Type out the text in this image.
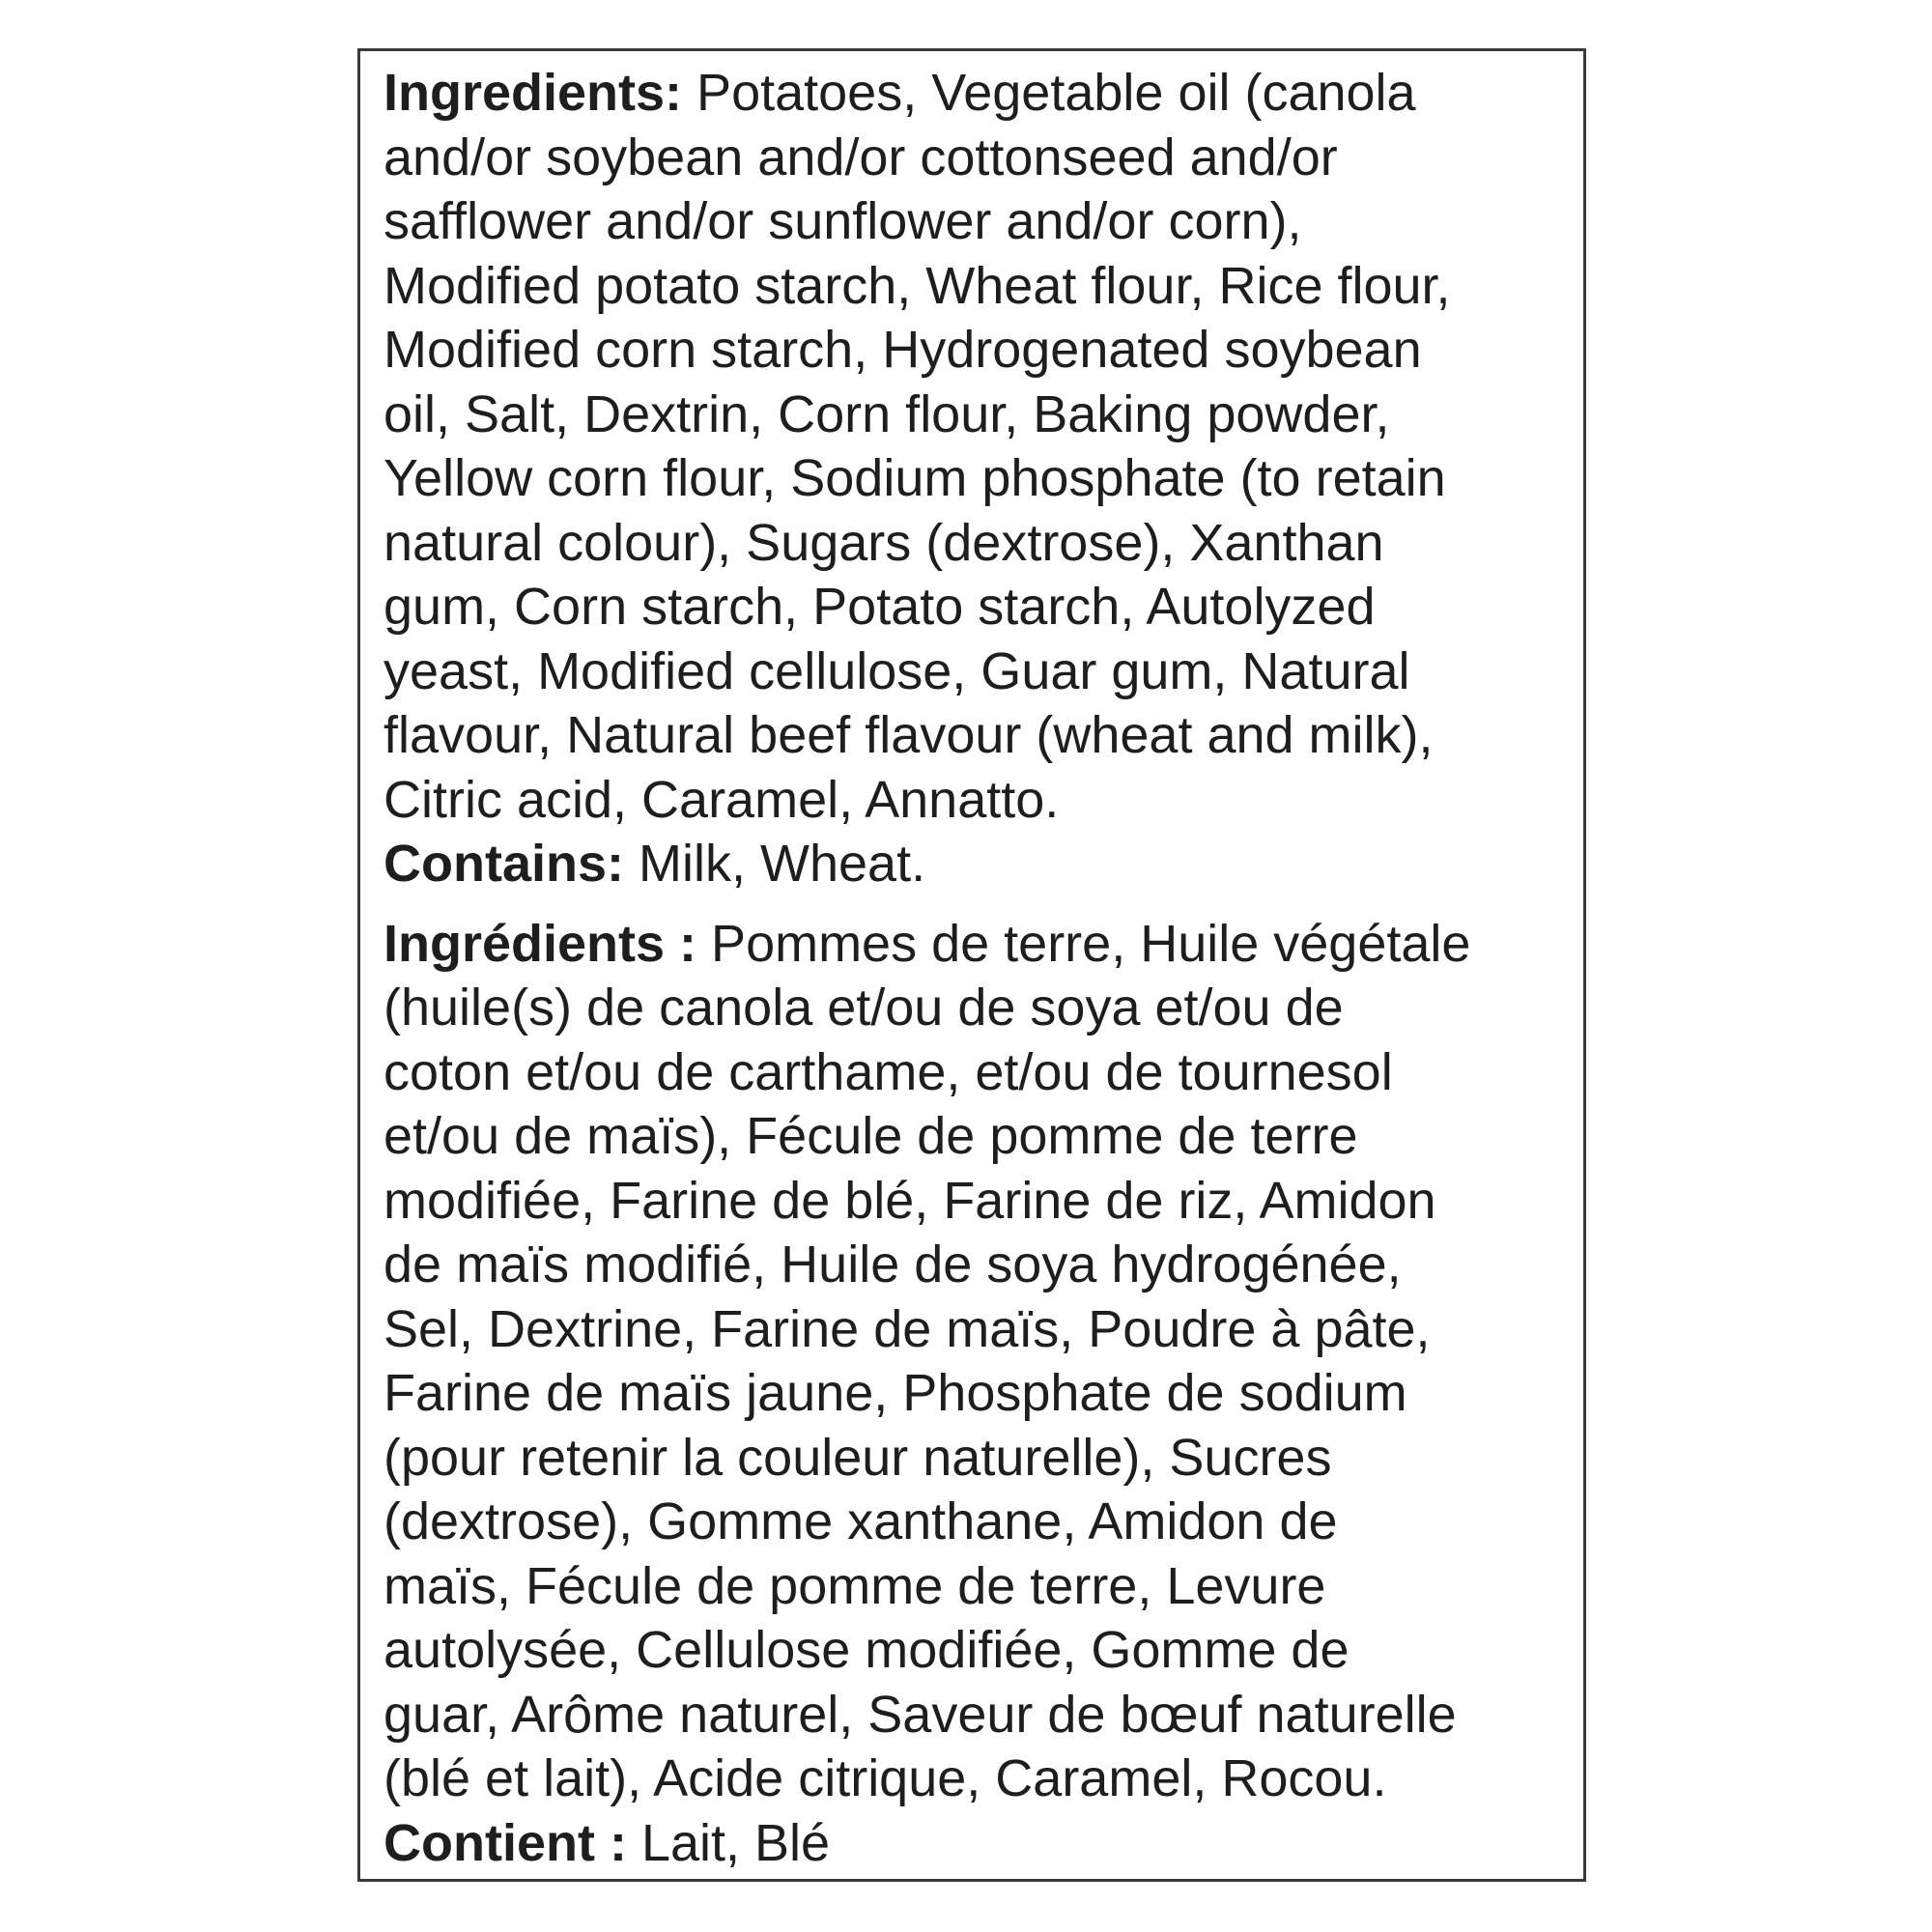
Ingredients: Potatoes, Vegetable oil (canola
and/or soybean and/or cottonseed and/or
safflower and/or sunflower and/or corn),
Modified potato starch, Wheat flour, Rice flour,
Modified corn starch, Hydrogenated soybean
oil, Salt, Dextrin, Corn flour, Baking powder,
Yellow corn flour, Sodium phosphate (to retain
natural colour), Sugars (dextrose), Xanthan
gum, Corn starch, Potato starch, Autolyzed
yeast, Modified cellulose, Guar gum, Natural
flavour, Natural beef flavour (wheat and milk),
Citric acid, Caramel, Annatto.
Contains: Milk, Wheat.
Ingrédients : Pommes de terre, Huile végétale
(huile(s) de canola et/ou de soya et/ou de
coton et/ou de carthame, et/ou de tournesol
et/ou de maïs), Fécule de pomme de terre
modifiée, Farine de blé, Farine de riz, Amidon
de maïs modifié, Huile de soya hydrogénée,
Sel, Dextrine, Farine de maïs, Poudre à pâte,
Farine de maïs jaune, Phosphate de sodium
(pour retenir la couleur naturelle), Sucres
(dextrose), Gomme xanthane, Amidon de
maïs, Fécule de pomme de terre, Levure
autolysée, Cellulose modifiée, Gomme de
guar, Arôme naturel, Saveur de bœuf naturelle
(blé et lait), Acide citrique, Caramel, Rocou.
Contient : Lait, Blé
